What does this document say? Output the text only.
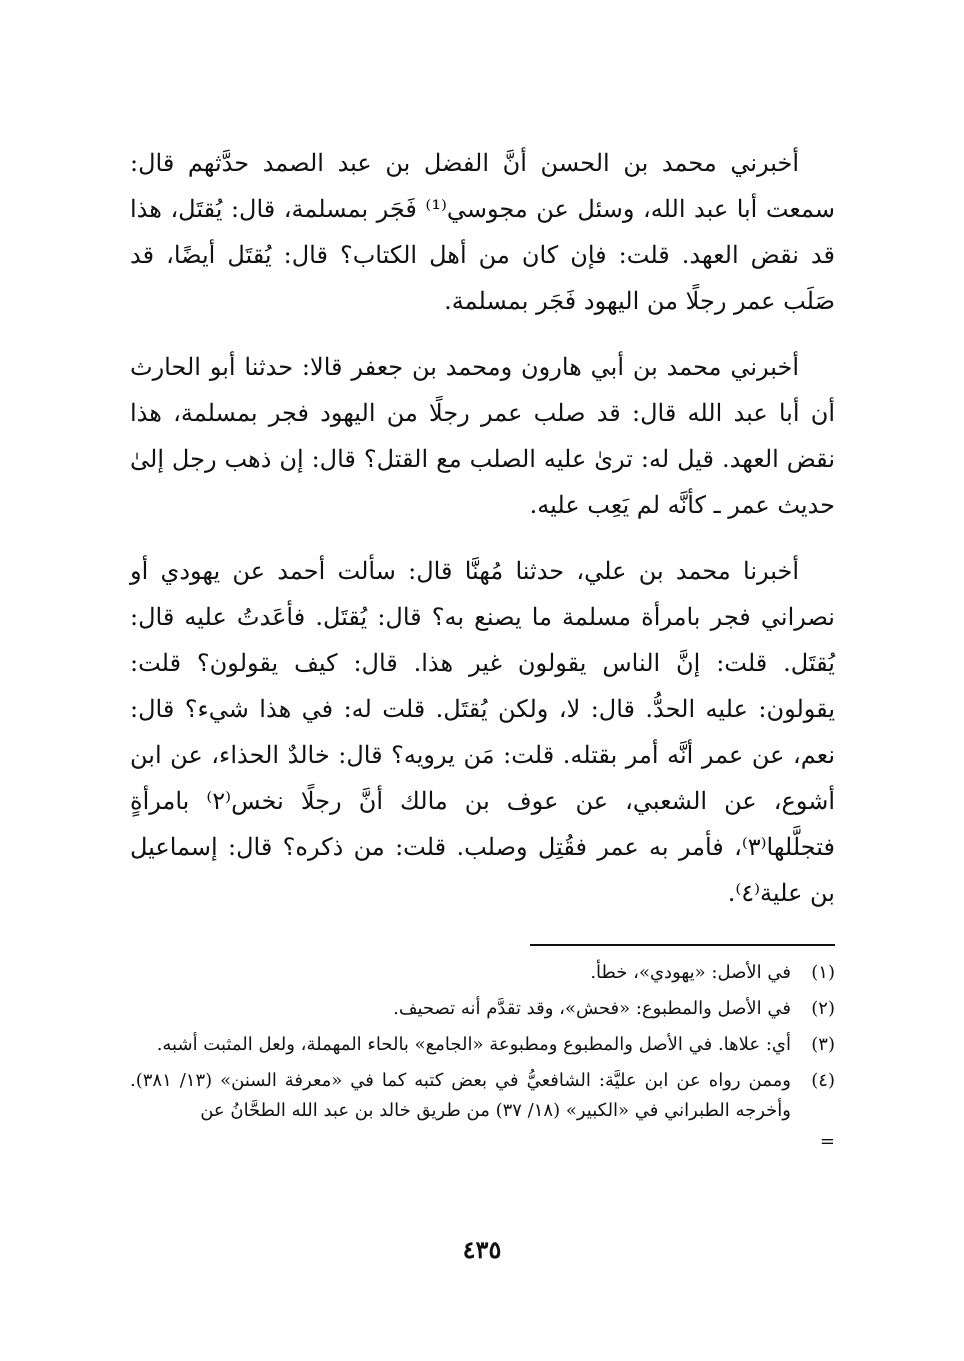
أخبرني محمد بن الحسن أنَّ الفضل بن عبد الصمد حدَّثهم قال: سمعت أبا عبد الله، وسئل عن مجوسي⁽¹⁾ فَجَر بمسلمة، قال: يُقتَل، هذا قد نقض العهد. قلت: فإن كان من أهل الكتاب؟ قال: يُقتَل أيضًا، قد صَلَب عمر رجلًا من اليهود فَجَر بمسلمة.

أخبرني محمد بن أبي هارون ومحمد بن جعفر قالا: حدثنا أبو الحارث أن أبا عبد الله قال: قد صلب عمر رجلًا من اليهود فجر بمسلمة، هذا نقض العهد. قيل له: ترىٰ عليه الصلب مع القتل؟ قال: إن ذهب رجل إلىٰ حديث عمر ـ كأنَّه لم يَعِب عليه.

أخبرنا محمد بن علي، حدثنا مُهنَّا قال: سألت أحمد عن يهودي أو نصراني فجر بامرأة مسلمة ما يصنع به؟ قال: يُقتَل. فأعَدتُ عليه قال: يُقتَل. قلت: إنَّ الناس يقولون غير هذا. قال: كيف يقولون؟ قلت: يقولون: عليه الحدُّ. قال: لا، ولكن يُقتَل. قلت له: في هذا شيء؟ قال: نعم، عن عمر أنَّه أمر بقتله. قلت: مَن يرويه؟ قال: خالدٌ الحذاء، عن ابن أشوع، عن الشعبي، عن عوف بن مالك أنَّ رجلًا نخس⁽٢⁾ بامرأةٍ فتجلَّلها⁽٣⁾، فأمر به عمر فقُتِل وصلب. قلت: من ذكره؟ قال: إسماعيل بن علية⁽٤⁾.

(١)
في الأصل: «يهودي»، خطأ.
(٢)
في الأصل والمطبوع: «فحش»، وقد تقدَّم أنه تصحيف.
(٣)
أي: علاها. في الأصل والمطبوع ومطبوعة «الجامع» بالحاء المهملة، ولعل المثبت أشبه.
(٤)
وممن رواه عن ابن عليَّة: الشافعيُّ في بعض كتبه كما في «معرفة السنن» (١٣/ ٣٨١). وأخرجه الطبراني في «الكبير» (١٨/ ٣٧) من طريق خالد بن عبد الله الطحَّانُ عن
=
٤٣٥
